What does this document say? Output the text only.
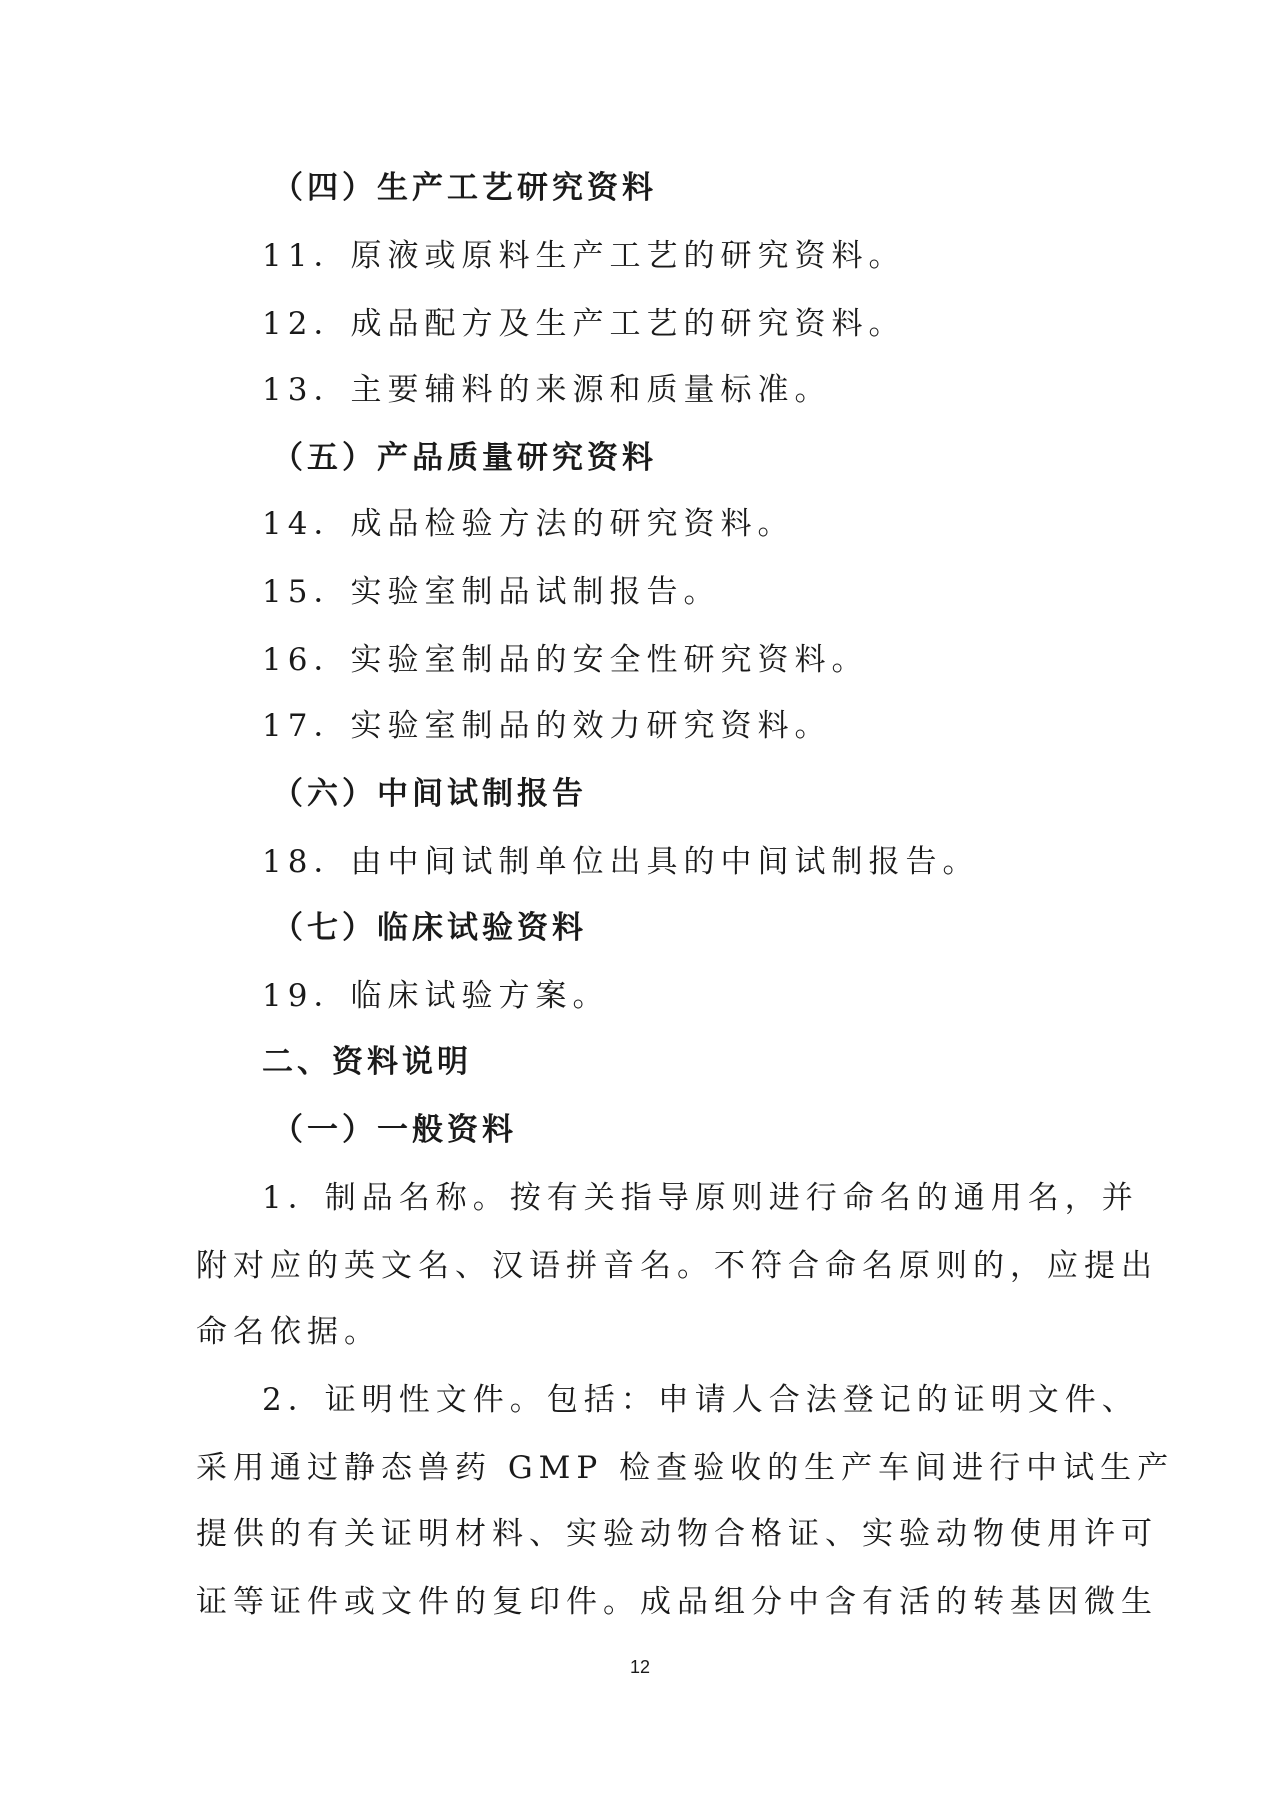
（四）生产工艺研究资料
11．原液或原料生产工艺的研究资料。
12．成品配方及生产工艺的研究资料。
13．主要辅料的来源和质量标准。
（五）产品质量研究资料
14．成品检验方法的研究资料。
15．实验室制品试制报告。
16．实验室制品的安全性研究资料。
17．实验室制品的效力研究资料。
（六）中间试制报告
18．由中间试制单位出具的中间试制报告。
（七）临床试验资料
19．临床试验方案。
二、资料说明
（一）一般资料
1．制品名称。按有关指导原则进行命名的通用名，并
附对应的英文名、汉语拼音名。不符合命名原则的，应提出
命名依据。
2．证明性文件。包括：申请人合法登记的证明文件、
采用通过静态兽药 GMP 检查验收的生产车间进行中试生产
提供的有关证明材料、实验动物合格证、实验动物使用许可
证等证件或文件的复印件。成品组分中含有活的转基因微生
12
